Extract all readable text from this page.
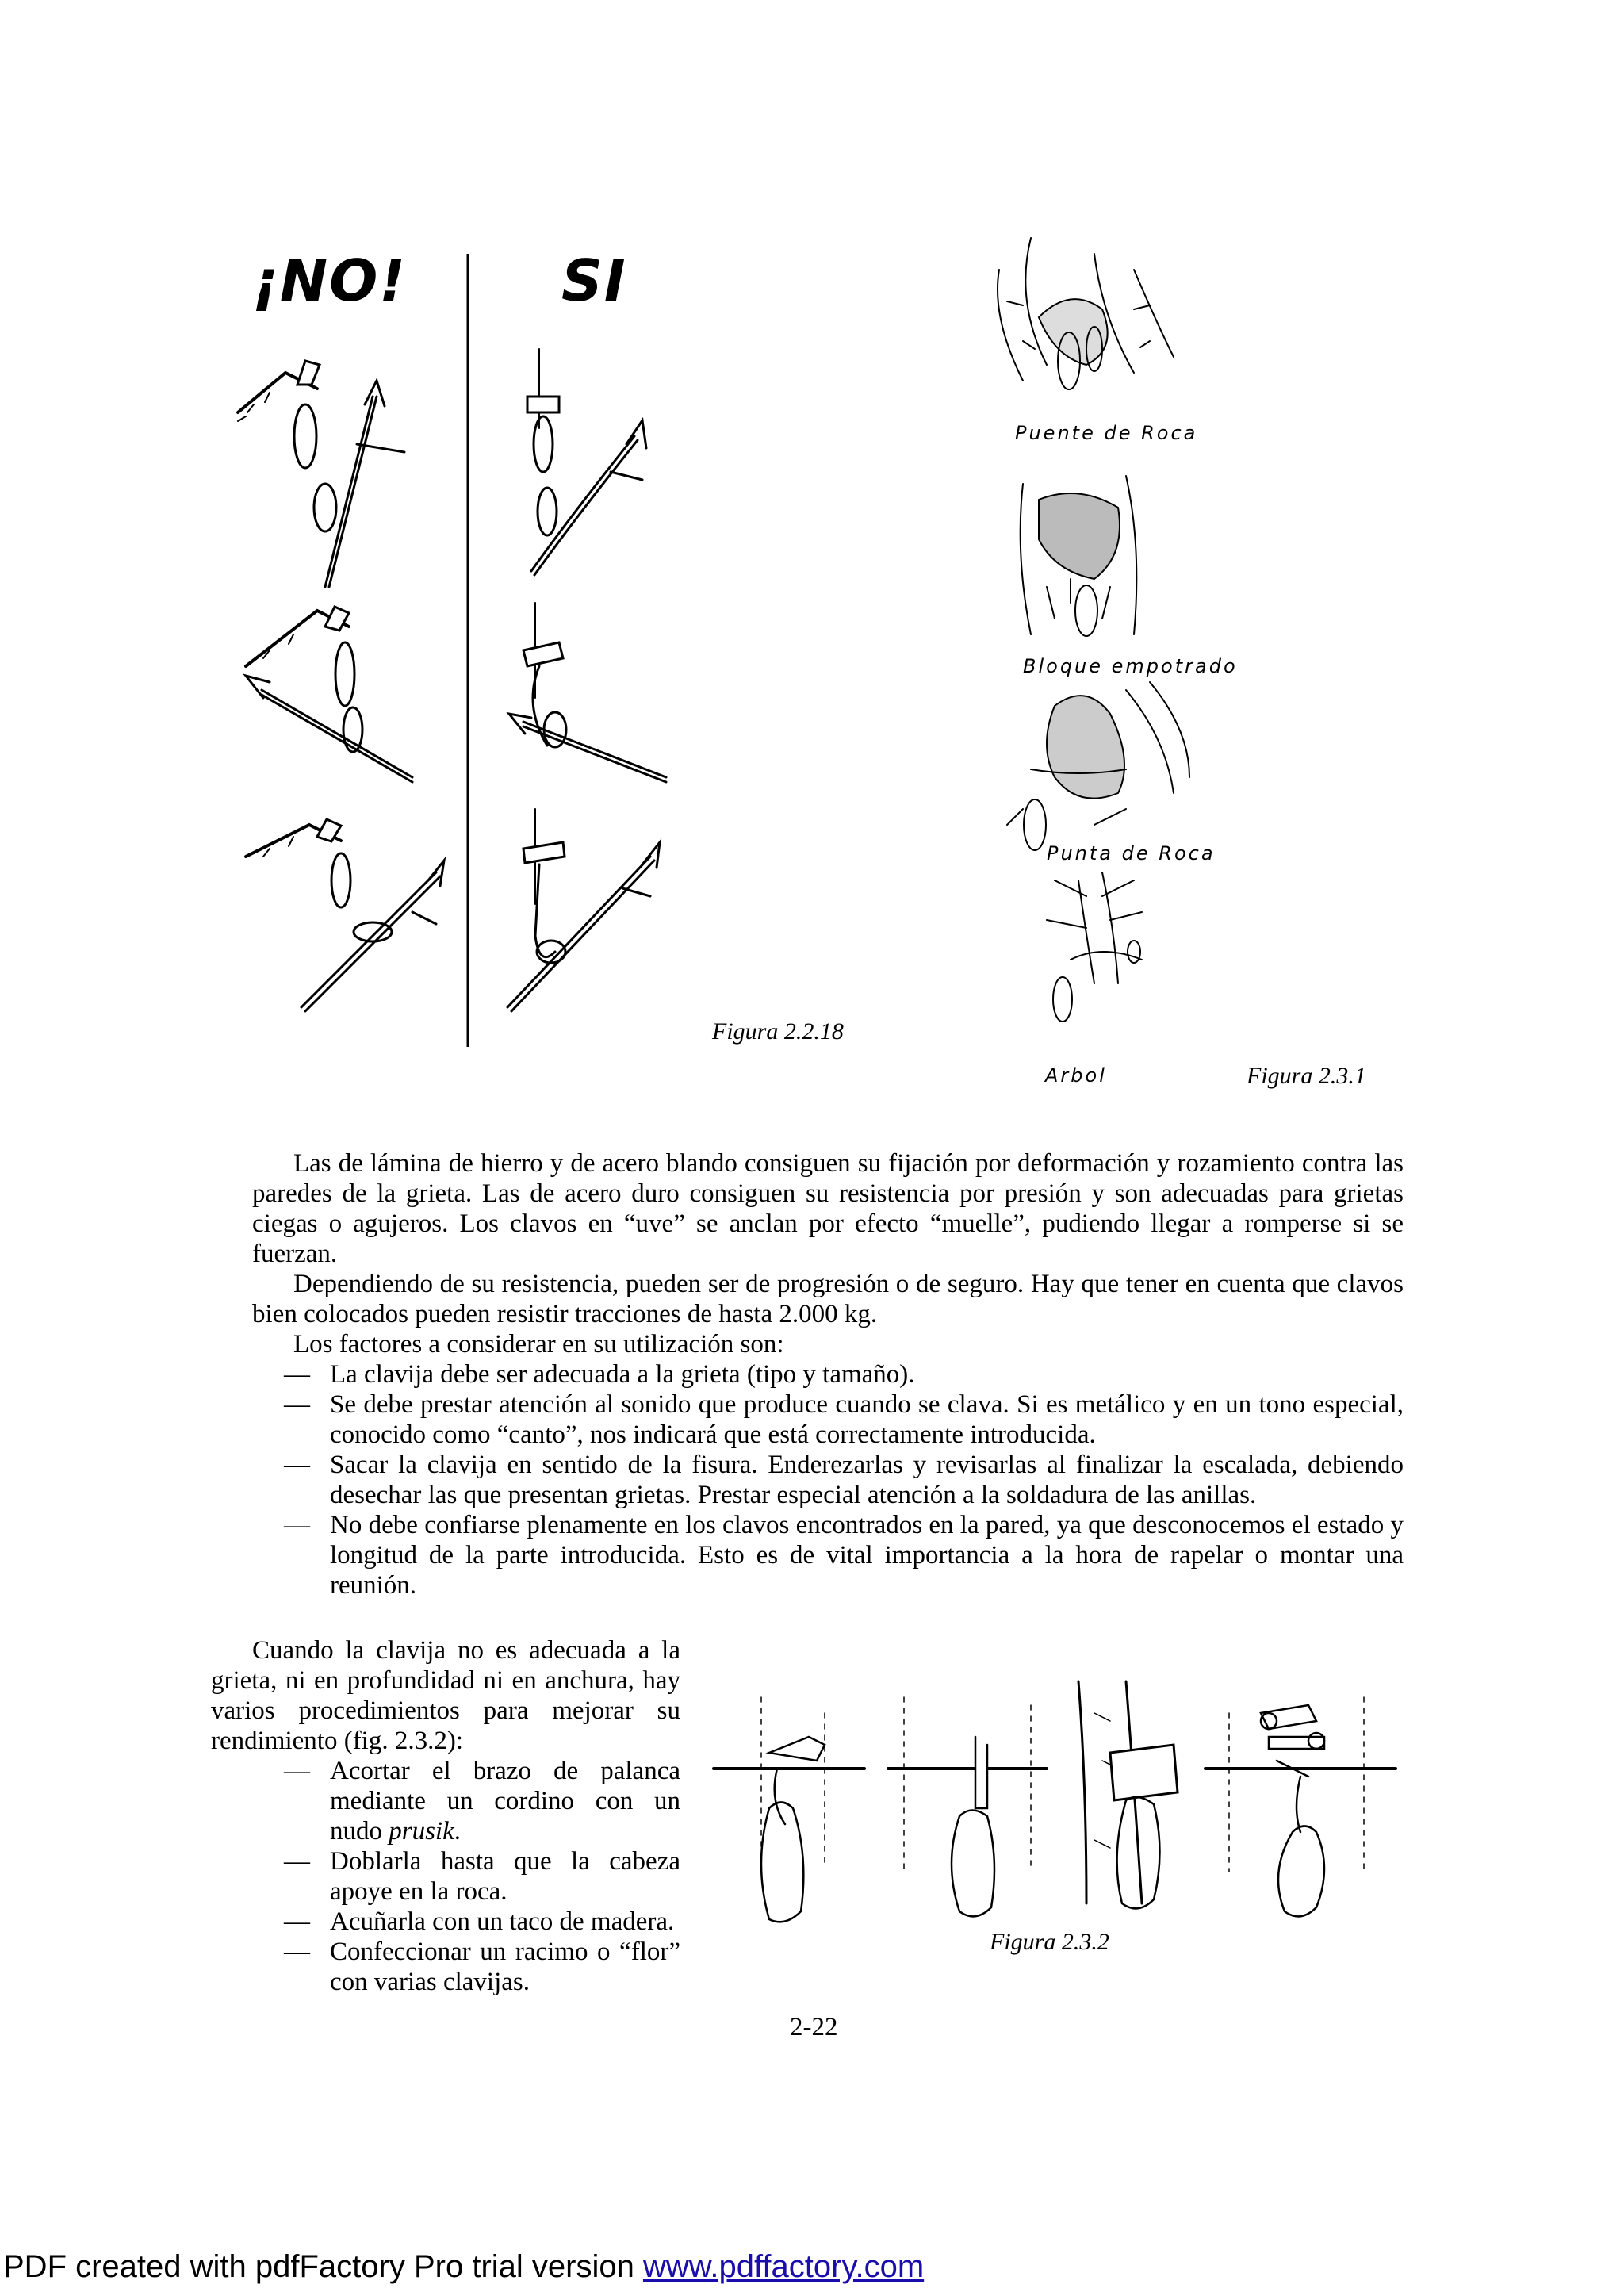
¡NO!	SI
Figura 2.2.18
Puente de Roca
Bloque empotrado
Punta de Roca
Arbol	Figura 2.3.1

Las de lámina de hierro y de acero blando consiguen su fijación por deformación y rozamiento contra las paredes de la grieta. Las de acero duro consiguen su resistencia por presión y son adecuadas para grietas ciegas o agujeros. Los clavos en “uve” se anclan por efecto “muelle”, pudiendo llegar a romperse si se fuerzan.

Dependiendo de su resistencia, pueden ser de progresión o de seguro. Hay que tener en cuenta que clavos bien colocados pueden resistir tracciones de hasta 2.000 kg.

Los factores a considerar en su utilización son:

— La clavija debe ser adecuada a la grieta (tipo y tamaño).
— Se debe prestar atención al sonido que produce cuando se clava. Si es metálico y en un tono especial, conocido como “canto”, nos indicará que está correctamente introducida.
— Sacar la clavija en sentido de la fisura. Enderezarlas y revisarlas al finalizar la escalada, debiendo desechar las que presentan grietas. Prestar especial atención a la soldadura de las anillas.
— No debe confiarse plenamente en los clavos encontrados en la pared, ya que desconocemos el estado y longitud de la parte introducida. Esto es de vital importancia a la hora de rapelar o montar una reunión.

Cuando la clavija no es adecuada a la grieta, ni en profundidad ni en anchura, hay varios procedimientos para mejorar su rendimiento (fig. 2.3.2):

— Acortar el brazo de palanca mediante un cordino con un nudo prusik.
— Doblarla hasta que la cabeza apoye en la roca.
— Acuñarla con un taco de madera.
— Confeccionar un racimo o “flor” con varias clavijas.
Figura 2.3.2
2-22
PDF created with pdfFactory Pro trial version www.pdffactory.com
